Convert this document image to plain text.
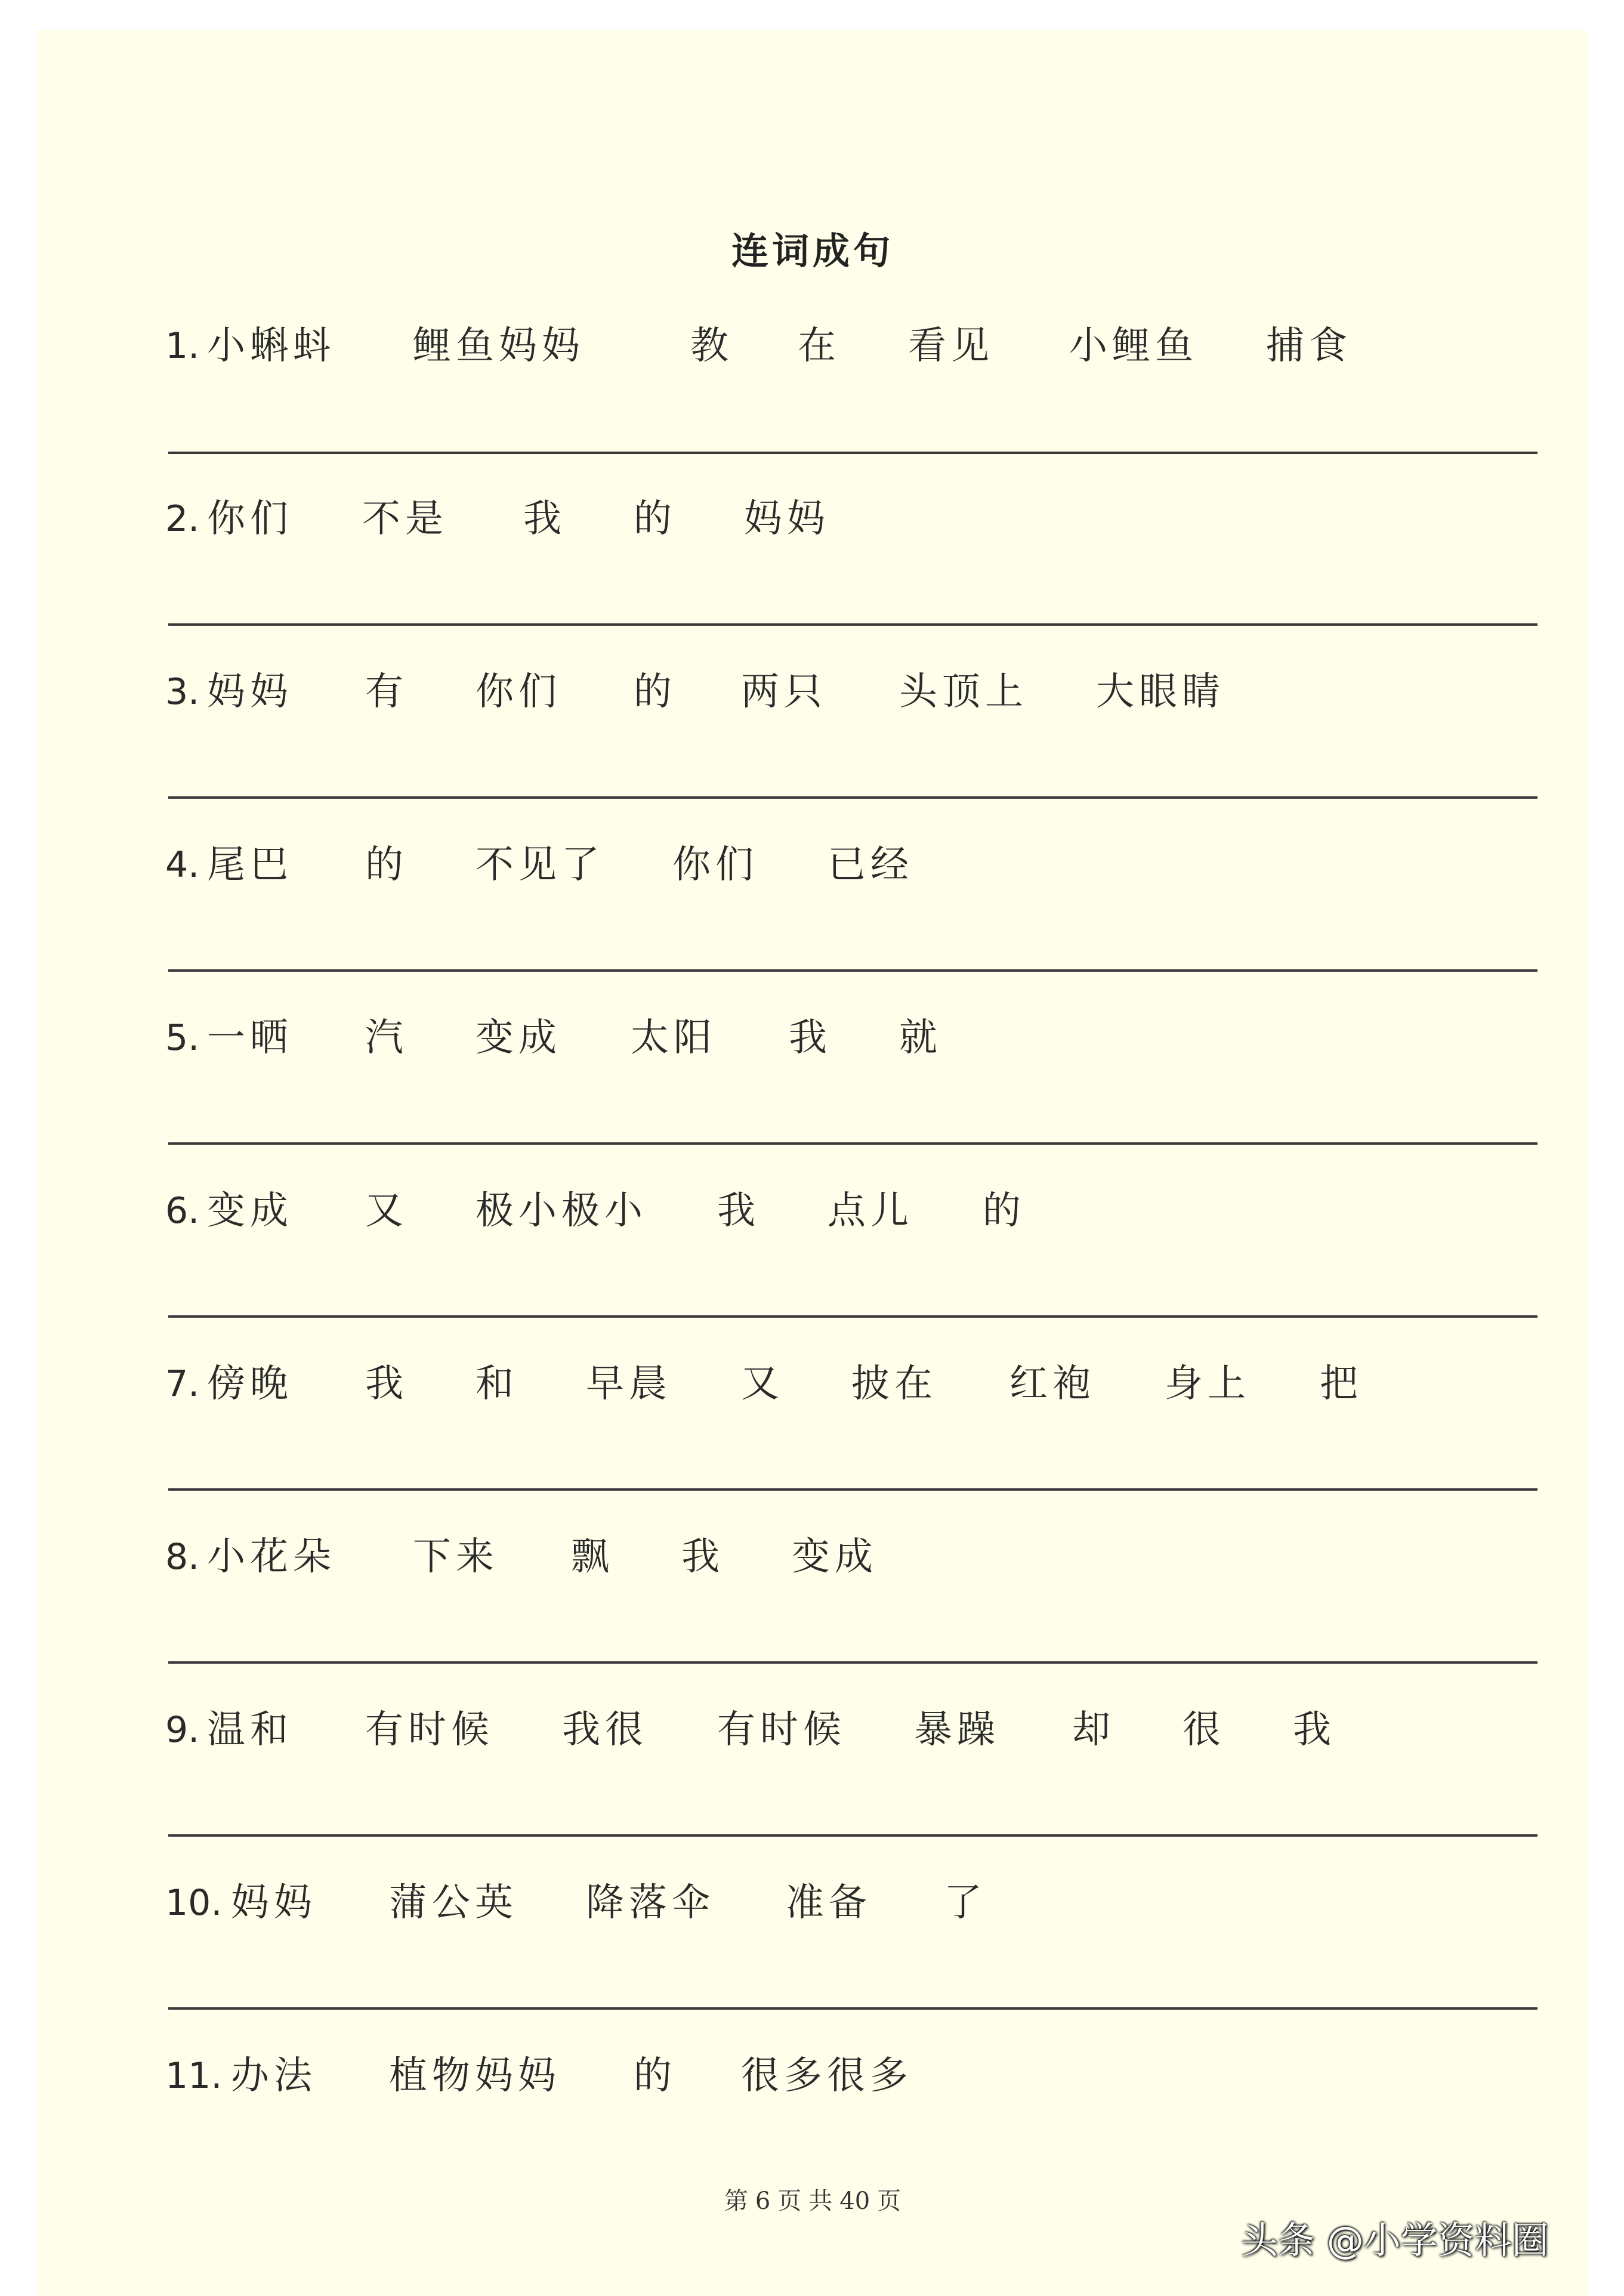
连词成句
1. 小蝌蚪 鲤鱼妈妈	教 在 看见 小鲤鱼 捕食
2. 你们 不是 我 的 妈妈
3. 妈妈 有 你们 的 两只 头顶上 大眼睛
4. 尾巴 的 不见了 你们 已经
5. 一晒 汽 变成 太阳 我 就
6. 变成 又 极小极小 我 点儿 的
7. 傍晚 我 和 早晨 又 披在 红袍 身上 把
8. 小花朵 下来 飘 我 变成
9. 温和 有时候 我很 有时候 暴躁 却 很 我
10. 妈妈 蒲公英 降落伞 准备 了
11. 办法 植物妈妈 的 很多很多
第 6 页 共 40 页
头条 @小学资料圈
